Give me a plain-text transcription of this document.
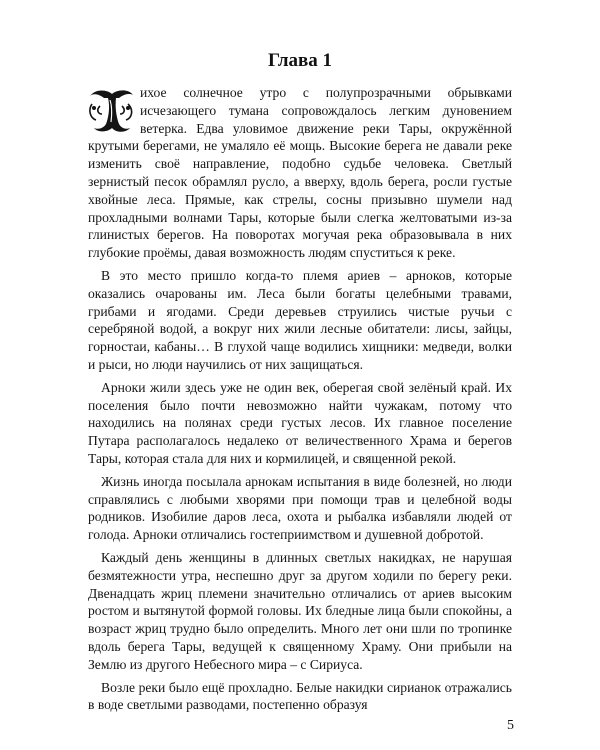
Глава 1

ихое солнечное утро с полупрозрачными обрывками исчезающего тумана сопровождалось легким дуновением ветерка. Едва уловимое движение реки Тары, окружённой крутыми берегами, не умаляло её мощь. Высокие берега не давали реке изменить своё направление, подобно судьбе человека. Светлый зернистый песок обрамлял русло, а вверху, вдоль берега, росли густые хвойные леса. Прямые, как стрелы, сосны призывно шумели над прохладными волнами Тары, которые были слегка желтоватыми из-за глинистых берегов. На поворотах могучая река образовывала в них глубокие проёмы, давая возможность людям спуститься к реке.

В это место пришло когда-то племя ариев – арноков, которые оказались очарованы им. Леса были богаты целебными травами, грибами и ягодами. Среди деревьев струились чистые ручьи с серебряной водой, а вокруг них жили лесные обитатели: лисы, зайцы, горностаи, кабаны… В глухой чаще водились хищники: медведи, волки и рыси, но люди научились от них защищаться.

Арноки жили здесь уже не один век, оберегая свой зелёный край. Их поселения было почти невозможно найти чужакам, потому что находились на полянах среди густых лесов. Их главное поселение Путара располагалось недалеко от величественного Храма и берегов Тары, которая стала для них и кормилицей, и священной рекой.

Жизнь иногда посылала арнокам испытания в виде болезней, но люди справлялись с любыми хворями при помощи трав и целебной воды родников. Изобилие даров леса, охота и рыбалка избавляли людей от голода. Арноки отличались гостеприимством и душевной добротой.

Каждый день женщины в длинных светлых накидках, не нарушая безмятежности утра, неспешно друг за другом ходили по берегу реки. Двенадцать жриц племени значительно отличались от ариев высоким ростом и вытянутой формой головы. Их бледные лица были спокойны, а возраст жриц трудно было определить. Много лет они шли по тропинке вдоль берега Тары, ведущей к священному Храму. Они прибыли на Землю из другого Небесного мира – с Сириуса.

Возле реки было ещё прохладно. Белые накидки сирианок отражались в воде светлыми разводами, постепенно образуя

5
